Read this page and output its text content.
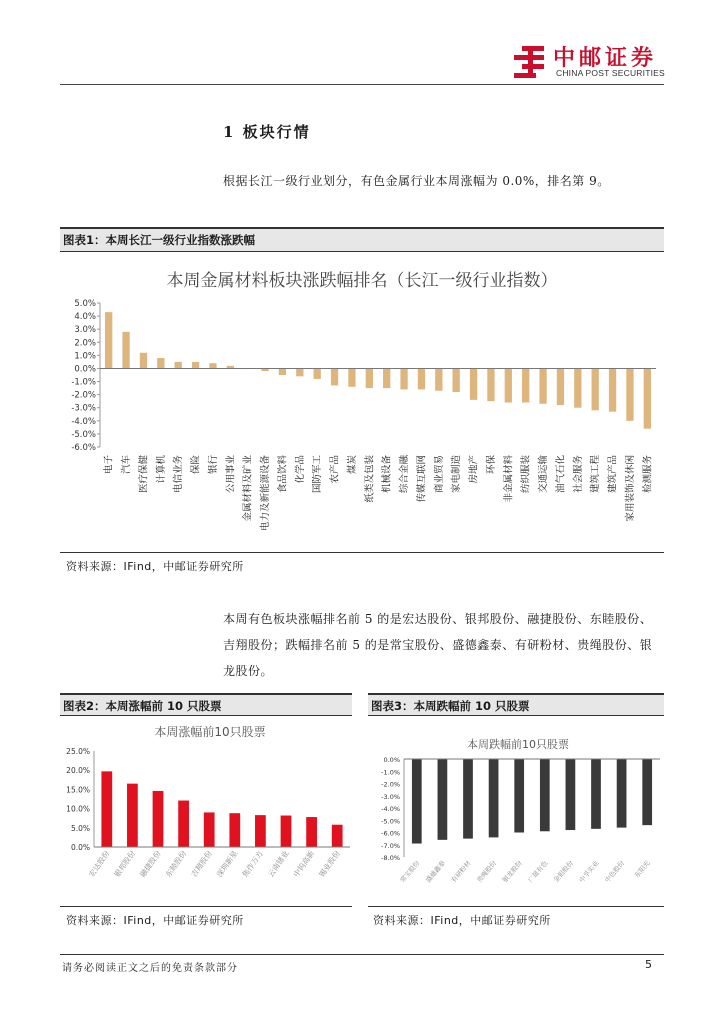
中邮证券
CHINA POST SECURITIES
1 板块行情
根据长江一级行业划分，有色金属行业本周涨幅为 0.0%，排名第 9。
图表1：本周长江一级行业指数涨跌幅
本周金属材料板块涨跌幅排名（长江一级行业指数）
5.0%
4.0%
3.0%
2.0%
1.0%
0.0%
-1.0%
-2.0%
-3.0%
-4.0%
-5.0%
-6.0%
电子 汽车 医疗保健 计算机 电信业务 保险 银行 公用事业 金属材料及矿业 电力及新能源设备 食品饮料 化学品 国防军工 农产品 煤炭 纸类及包装 机械设备 综合金融 传媒互联网 商业贸易 家电制造 房地产 环保 非金属材料 纺织服装 交通运输 油气石化 社会服务 建筑工程 建筑产品 家用装饰及休闲 检测服务
资料来源：IFind，中邮证券研究所
本周有色板块涨幅排名前 5 的是宏达股份、银邦股份、融捷股份、东睦股份、吉翔股份；跌幅排名前 5 的是常宝股份、盛德鑫泰、有研粉材、贵绳股份、银龙股份。
图表2：本周涨幅前 10 只股票
25.0%
20.0%
15.0%
10.0%
5.0%
0.0%
宏达股份 银邦股份 融捷股份 东睦股份 吉翔股份 深圳新星 焦作万方 云南锗业 中钨高新 锡业股份
本周涨幅前10只股票
资料来源：IFind，中邮证券研究所
图表3：本周跌幅前 10 只股票
0.0%
-1.0%
-2.0%
-3.0%
-4.0%
-5.0%
-6.0%
-7.0%
-8.0%
常宝股份 盛德鑫泰 有研粉材 贵绳股份 银龙股份 广晟有色 金钼股份 中孚实业 中色股份 东阳光
本周跌幅前10只股票
资料来源：IFind，中邮证券研究所
请务必阅读正文之后的免责条款部分	5
